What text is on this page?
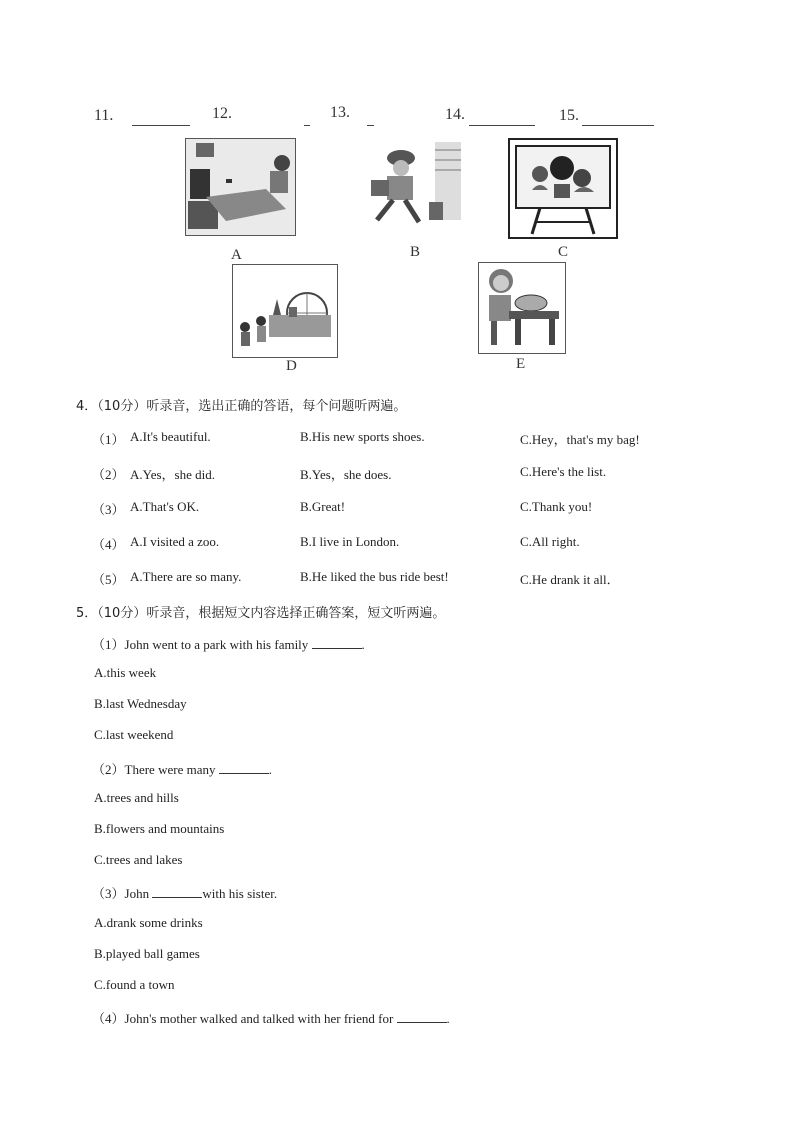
11.	12.	13.	14.	15.
A	B	C
D	E
4．（10分）听录音，选出正确的答语，每个问题听两遍。
（1） A.It's beautiful.	B.His new sports shoes.	C.Hey，that's my bag!
（2） A.Yes，she did.	B.Yes，she does.	C.Here's the list.
（3） A.That's OK.	B.Great!	C.Thank you!
（4） A.I visited a zoo.	B.I live in London.	C.All right.
（5） A.There are so many.	B.He liked the bus ride best!	C.He drank it all．
5．（10分）听录音，根据短文内容选择正确答案，短文听两遍。
（1）John went to a park with his family	.
A.this week
B.last Wednesday
C.last weekend
（2）There were many	.
A.trees and hills
B.flowers and mountains
C.trees and lakes
（3）John	with his sister.
A.drank some drinks
B.played ball games
C.found a town
（4）John's mother walked and talked with her friend for	.
